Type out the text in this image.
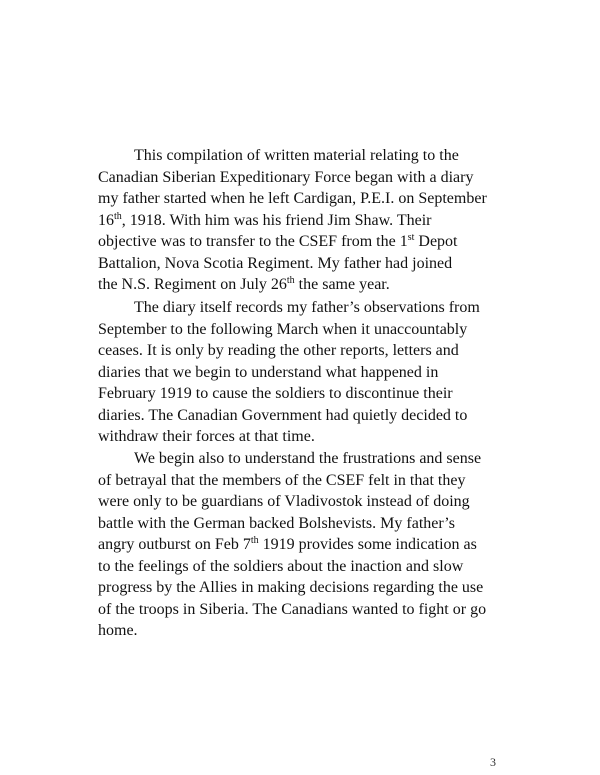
This compilation of written material relating to the
Canadian Siberian Expeditionary Force began with a diary
my father started when he left Cardigan, P.E.I. on September
16th, 1918. With him was his friend Jim Shaw. Their
objective was to transfer to the CSEF from the 1st Depot
Battalion, Nova Scotia Regiment. My father had joined
the N.S. Regiment on July 26th the same year.

The diary itself records my father’s observations from
September to the following March when it unaccountably
ceases. It is only by reading the other reports, letters and
diaries that we begin to understand what happened in
February 1919 to cause the soldiers to discontinue their
diaries. The Canadian Government had quietly decided to
withdraw their forces at that time.

We begin also to understand the frustrations and sense
of betrayal that the members of the CSEF felt in that they
were only to be guardians of Vladivostok instead of doing
battle with the German backed Bolshevists. My father’s
angry outburst on Feb 7th 1919 provides some indication as
to the feelings of the soldiers about the inaction and slow
progress by the Allies in making decisions regarding the use
of the troops in Siberia. The Canadians wanted to fight or go
home.

3
